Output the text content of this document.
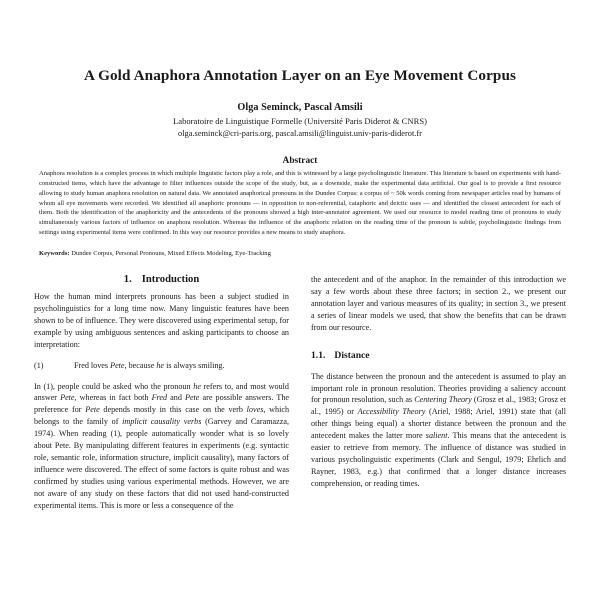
A Gold Anaphora Annotation Layer on an Eye Movement Corpus
Olga Seminck, Pascal Amsili
Laboratoire de Linguistique Formelle (Université Paris Diderot & CNRS)
olga.seminck@cri-paris.org, pascal.amsili@linguist.univ-paris-diderot.fr
Abstract

Anaphora resolution is a complex process in which multiple linguistic factors play a role, and this is witnessed by a large psycholinguistic literature. This literature is based on experiments with hand-constructed items, which have the advantage to filter influences outside the scope of the study, but, as a downside, make the experimental data artificial. Our goal is to provide a first resource allowing to study human anaphora resolution on natural data. We annotated anaphorical pronouns in the Dundee Corpus: a corpus of ~ 50k words coming from newspaper articles read by humans of whom all eye movements were recorded. We identified all anaphoric pronouns — in opposition to non-referential, cataphoric and deictic uses — and identified the closest antecedent for each of them. Both the identification of the anaphoricity and the antecedents of the pronouns showed a high inter-annotator agreement. We used our resource to model reading time of pronouns to study simultaneously various factors of influence on anaphora resolution. Whereas the influence of the anaphoric relation on the reading time of the pronoun is subtle, psycholinguistic findings from settings using experimental items were confirmed. In this way our resource provides a new means to study anaphora.

Keywords: Dundee Corpus, Personal Pronouns, Mixed Effects Modeling, Eye-Tracking
1. Introduction

How the human mind interprets pronouns has been a subject studied in psycholinguistics for a long time now. Many linguistic features have been shown to be of influence. They were discovered using experimental setup, for example by using ambiguous sentences and asking participants to choose an interpretation:

(1)	Fred loves Pete, because he is always smiling.

In (1), people could be asked who the pronoun he refers to, and most would answer Pete, whereas in fact both Fred and Pete are possible answers. The preference for Pete depends mostly in this case on the verb loves, which belongs to the family of implicit causality verbs (Garvey and Caramazza, 1974). When reading (1), people automatically wonder what is so lovely about Pete. By manipulating different features in experiments (e.g. syntactic role, semantic role, information structure, implicit causality), many factors of influence were discovered. The effect of some factors is quite robust and was confirmed by studies using various experimental methods. However, we are not aware of any study on these factors that did not used hand-constructed experimental items. This is more or less a consequence of the

the antecedent and of the anaphor. In the remainder of this introduction we say a few words about these three factors; in section 2., we present our annotation layer and various measures of its quality; in section 3., we present a series of linear models we used, that show the benefits that can be drawn from our resource.

1.1. Distance

The distance between the pronoun and the antecedent is assumed to play an important role in pronoun resolution. Theories providing a saliency account for pronoun resolution, such as Centering Theory (Grosz et al., 1983; Grosz et al., 1995) or Accessibility Theory (Ariel, 1988; Ariel, 1991) state that (all other things being equal) a shorter distance between the pronoun and the antecedent makes the latter more salient. This means that the antecedent is easier to retrieve from memory. The influence of distance was studied in various psycholinguistic experiments (Clark and Sengul, 1979; Ehrlich and Rayner, 1983, e.g.) that confirmed that a longer distance increases comprehension, or reading times.
